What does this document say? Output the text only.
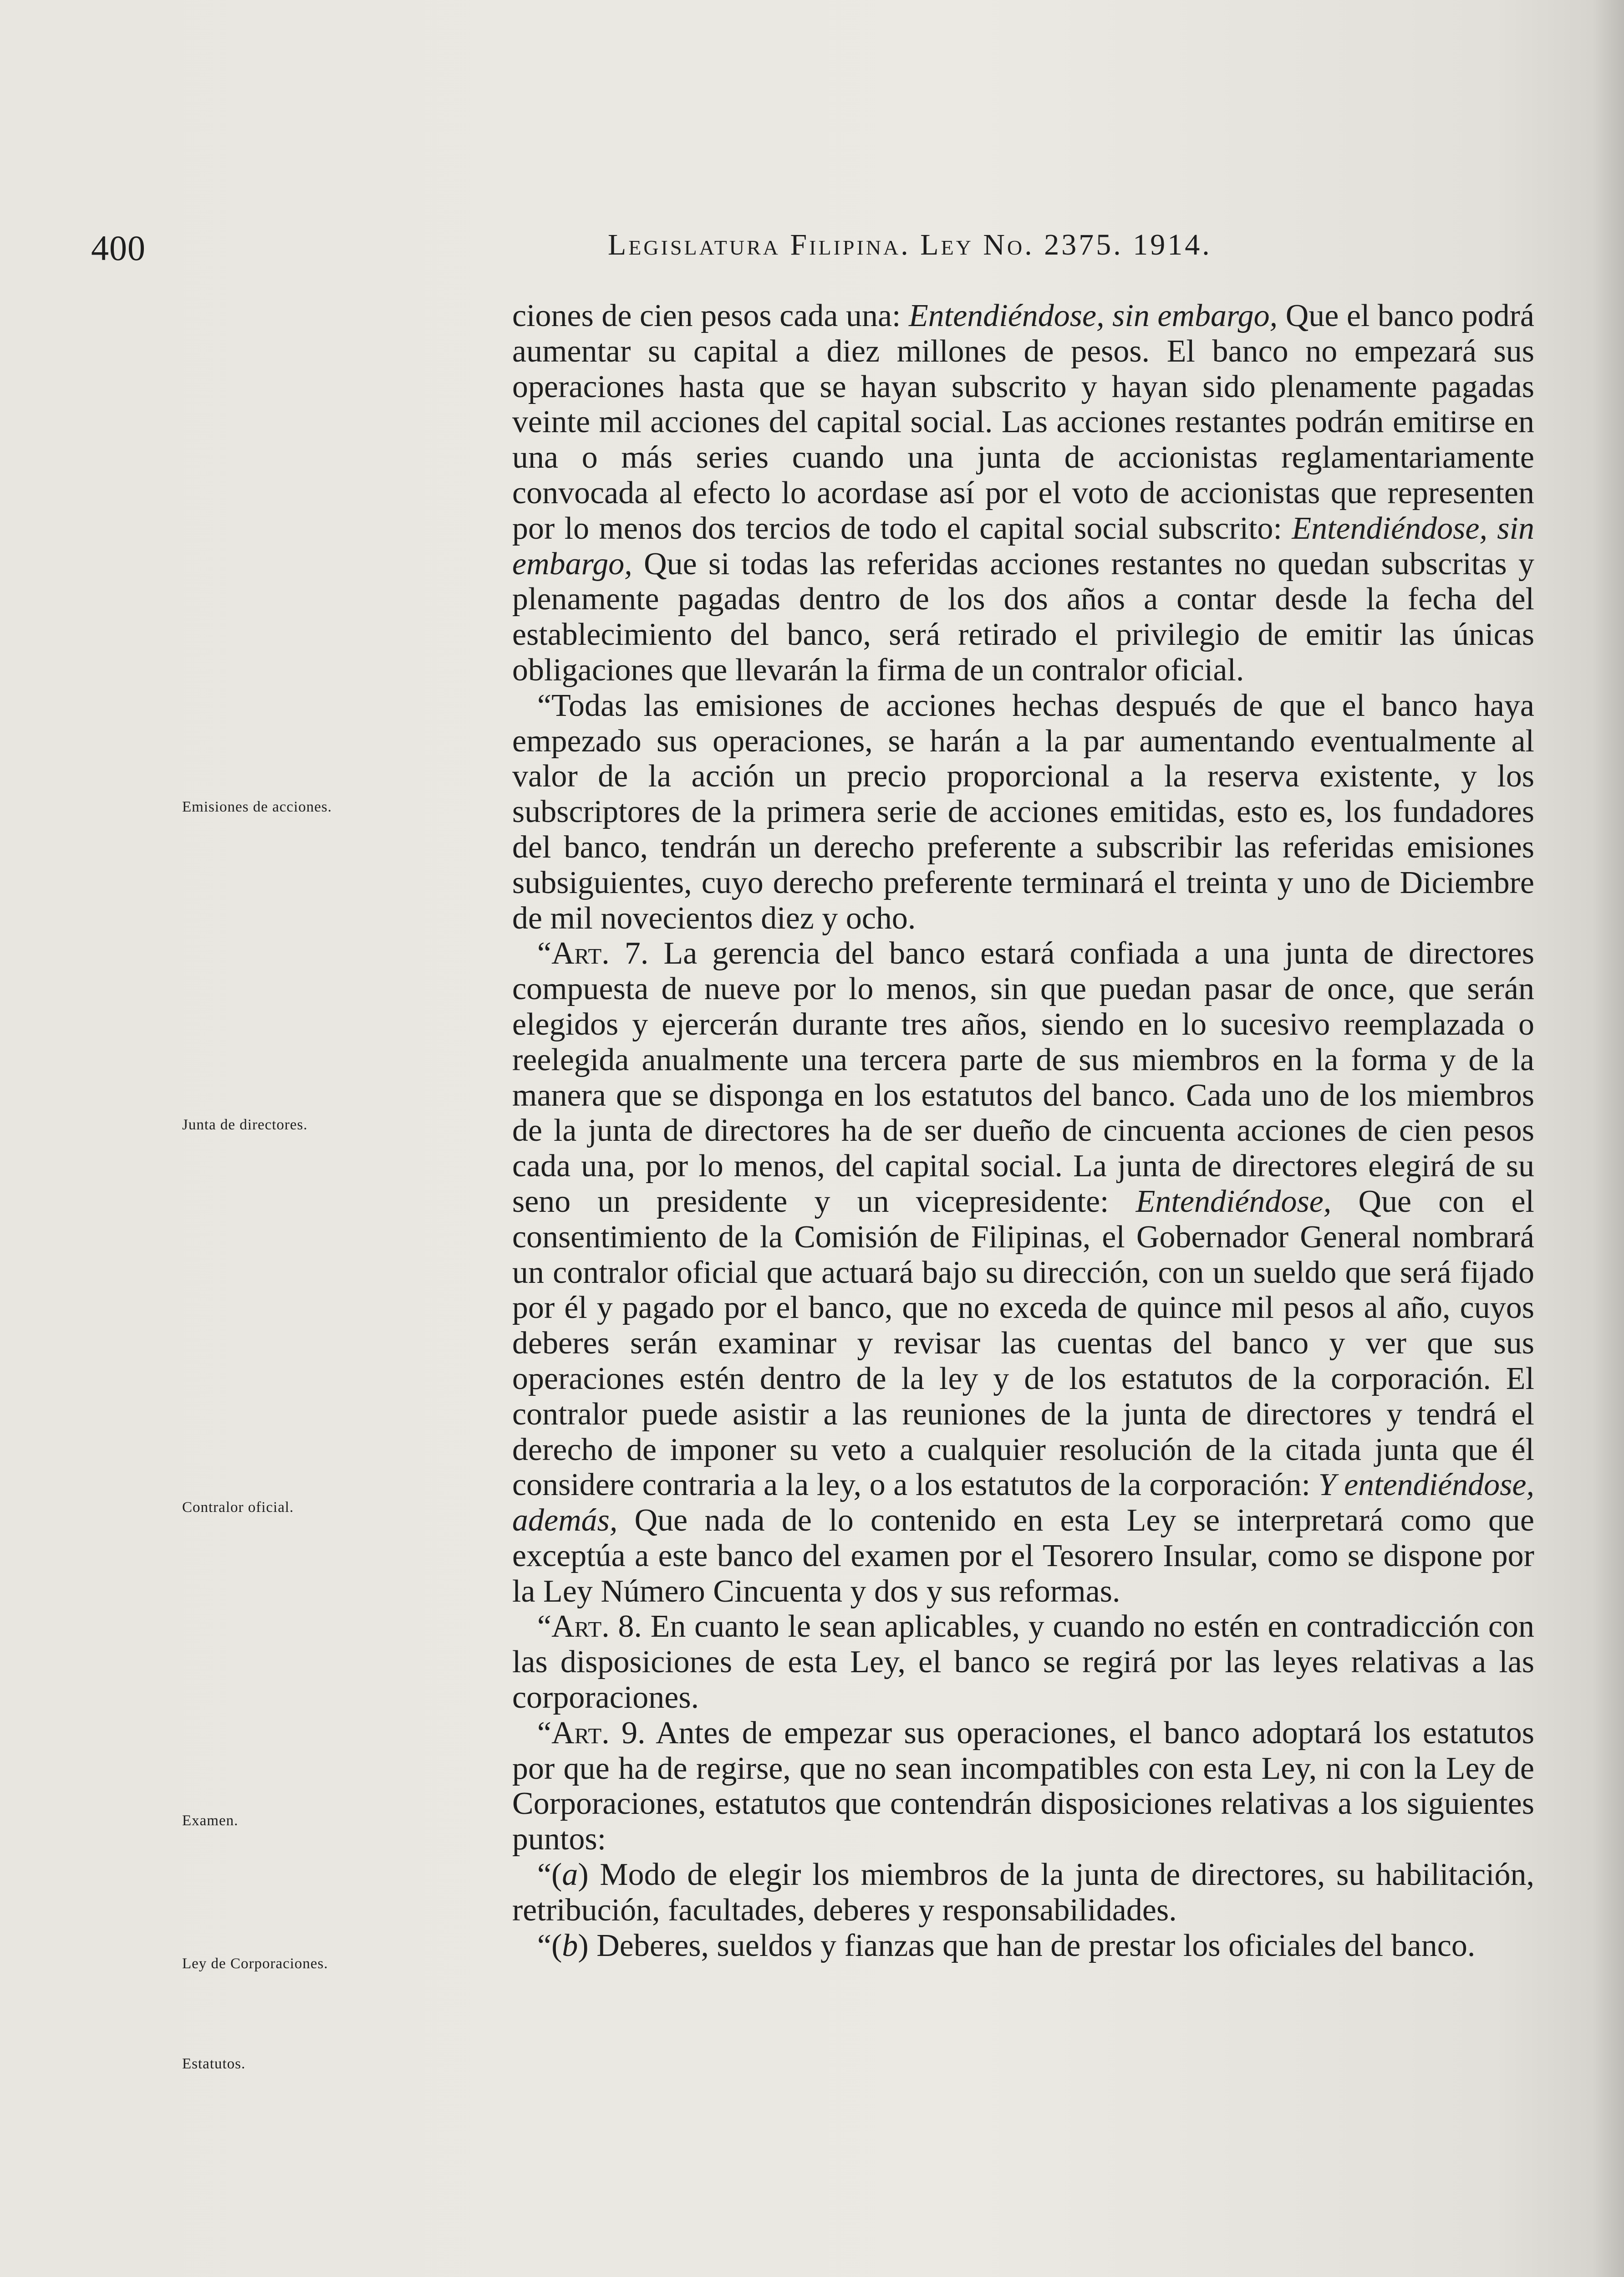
400	Legislatura Filipina. Ley No. 2375. 1914.
Emisiones de acciones.
Junta de directores.
Contralor oficial.
Examen.
Ley de Corporaciones.
Estatutos.

ciones de cien pesos cada una: Entendiéndose, sin embargo, Que el banco podrá aumentar su capital a diez millones de pesos. El banco no empezará sus operaciones hasta que se hayan subscrito y hayan sido plenamente pagadas veinte mil acciones del capital social. Las acciones restantes podrán emitirse en una o más series cuando una junta de accionistas reglamentariamente convocada al efecto lo acordase así por el voto de accionistas que representen por lo menos dos tercios de todo el capital social subscrito: Entendiéndose, sin embargo, Que si todas las referidas acciones restantes no quedan subscritas y plenamente pagadas dentro de los dos años a contar desde la fecha del establecimiento del banco, será retirado el privilegio de emitir las únicas obligaciones que llevarán la firma de un contralor oficial.

“Todas las emisiones de acciones hechas después de que el banco haya empezado sus operaciones, se harán a la par aumentando eventualmente al valor de la acción un precio proporcional a la reserva existente, y los subscriptores de la primera serie de acciones emitidas, esto es, los fundadores del banco, tendrán un derecho preferente a subscribir las referidas emisiones subsiguientes, cuyo derecho preferente terminará el treinta y uno de Diciembre de mil novecientos diez y ocho.

“Art. 7. La gerencia del banco estará confiada a una junta de directores compuesta de nueve por lo menos, sin que puedan pasar de once, que serán elegidos y ejercerán durante tres años, siendo en lo sucesivo reemplazada o reelegida anualmente una tercera parte de sus miembros en la forma y de la manera que se disponga en los estatutos del banco. Cada uno de los miembros de la junta de directores ha de ser dueño de cincuenta acciones de cien pesos cada una, por lo menos, del capital social. La junta de directores elegirá de su seno un presidente y un vicepresidente: Entendiéndose, Que con el consentimiento de la Comisión de Filipinas, el Gobernador General nombrará un contralor oficial que actuará bajo su dirección, con un sueldo que será fijado por él y pagado por el banco, que no exceda de quince mil pesos al año, cuyos deberes serán examinar y revisar las cuentas del banco y ver que sus operaciones estén dentro de la ley y de los estatutos de la corporación. El contralor puede asistir a las reuniones de la junta de directores y tendrá el derecho de imponer su veto a cualquier resolución de la citada junta que él considere contraria a la ley, o a los estatutos de la corporación: Y entendiéndose, además, Que nada de lo contenido en esta Ley se interpretará como que exceptúa a este banco del examen por el Tesorero Insular, como se dispone por la Ley Número Cincuenta y dos y sus reformas.

“Art. 8. En cuanto le sean aplicables, y cuando no estén en contradicción con las disposiciones de esta Ley, el banco se regirá por las leyes relativas a las corporaciones.

“Art. 9. Antes de empezar sus operaciones, el banco adoptará los estatutos por que ha de regirse, que no sean incompatibles con esta Ley, ni con la Ley de Corporaciones, estatutos que contendrán disposiciones relativas a los siguientes puntos:

“(a) Modo de elegir los miembros de la junta de directores, su habilitación, retribución, facultades, deberes y responsabilidades.

“(b) Deberes, sueldos y fianzas que han de prestar los oficiales del banco.
